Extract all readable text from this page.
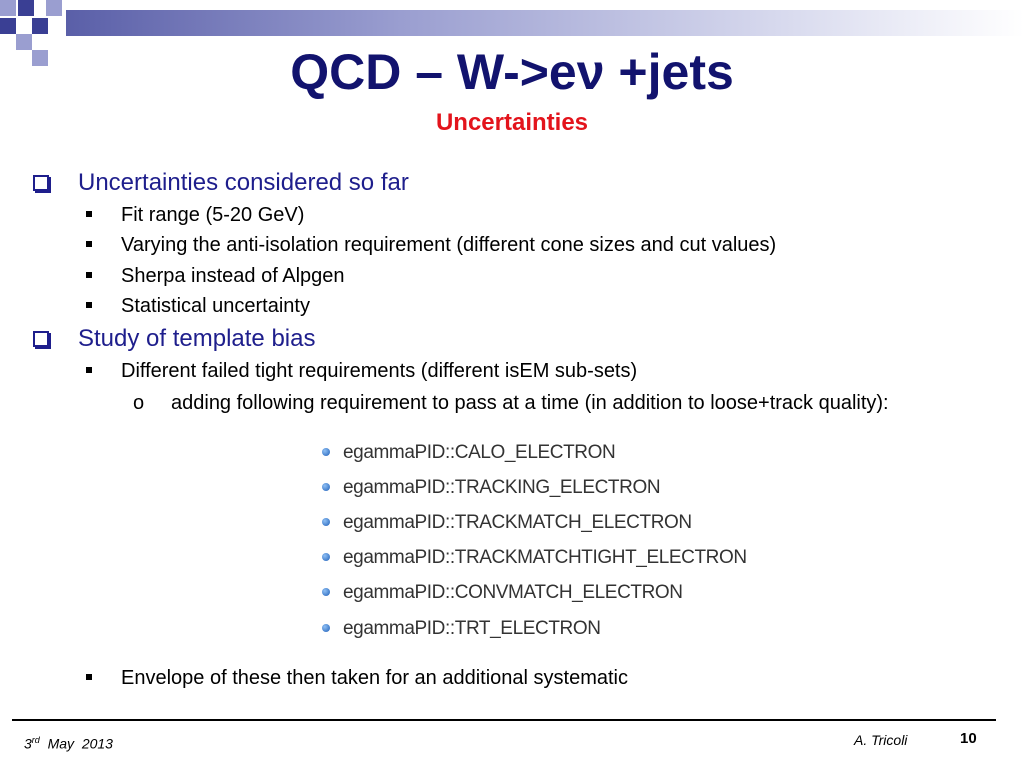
QCD – W->eν +jets
Uncertainties
Uncertainties considered so far
Fit range (5-20 GeV)
Varying the anti-isolation requirement (different cone sizes and cut values)
Sherpa instead of Alpgen
Statistical uncertainty
Study of template bias
Different failed tight requirements (different isEM sub-sets)
o adding following requirement to pass at a time (in addition to loose+track quality):
egammaPID::CALO_ELECTRON
egammaPID::TRACKING_ELECTRON
egammaPID::TRACKMATCH_ELECTRON
egammaPID::TRACKMATCHTIGHT_ELECTRON
egammaPID::CONVMATCH_ELECTRON
egammaPID::TRT_ELECTRON
Envelope of these then taken for an additional systematic
3rd May  2013	A. Tricoli	10
